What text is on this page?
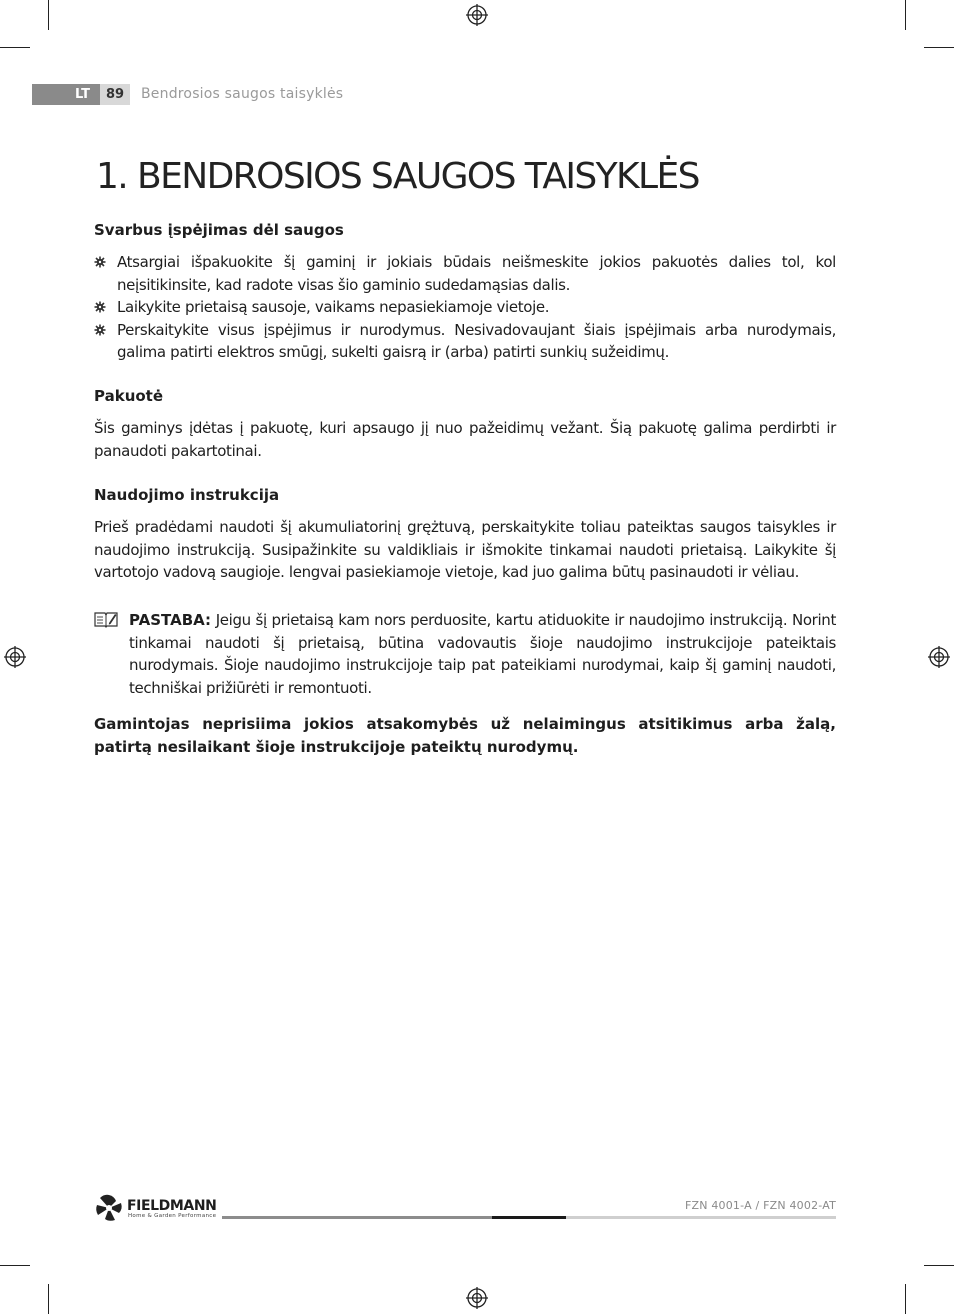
LT	89	Bendrosios saugos taisyklės
1. BENDROSIOS SAUGOS TAISYKLĖS
Svarbus įspėjimas dėl saugos
Atsargiai išpakuokite šį gaminį ir jokiais būdais neišmeskite jokios pakuotės dalies tol, kol neįsitikinsite, kad radote visas šio gaminio sudedamąsias dalis.
Laikykite prietaisą sausoje, vaikams nepasiekiamoje vietoje.
Perskaitykite visus įspėjimus ir nurodymus. Nesivadovaujant šiais įspėjimais arba nurodymais, galima patirti elektros smūgį, sukelti gaisrą ir (arba) patirti sunkių sužeidimų.
Pakuotė
Šis gaminys įdėtas į pakuotę, kuri apsaugo jį nuo pažeidimų vežant. Šią pakuotę galima perdirbti ir panaudoti pakartotinai.
Naudojimo instrukcija
Prieš pradėdami naudoti šį akumuliatorinį grężtuvą, perskaitykite toliau pateiktas saugos taisykles ir naudojimo instrukciją. Susipažinkite su valdikliais ir išmokite tinkamai naudoti prietaisą. Laikykite šį vartotojo vadovą saugioje. lengvai pasiekiamoje vietoje, kad juo galima būtų pasinaudoti ir vėliau.
PASTABA: Jeigu šį prietaisą kam nors perduosite, kartu atiduokite ir naudojimo instrukciją. Norint tinkamai naudoti šį prietaisą, būtina vadovautis šioje naudojimo instrukcijoje pateiktais nurodymais. Šioje naudojimo instrukcijoje taip pat pateikiami nurodymai, kaip šį gaminį naudoti, techniškai prižiūrėti ir remontuoti.
Gamintojas neprisiima jokios atsakomybės už nelaimingus atsitikimus arba žalą, patirtą nesilaikant šioje instrukcijoje pateiktų nurodymų.
FIELDMANN
Home & Garden Performance
FZN 4001-A / FZN 4002-AT
